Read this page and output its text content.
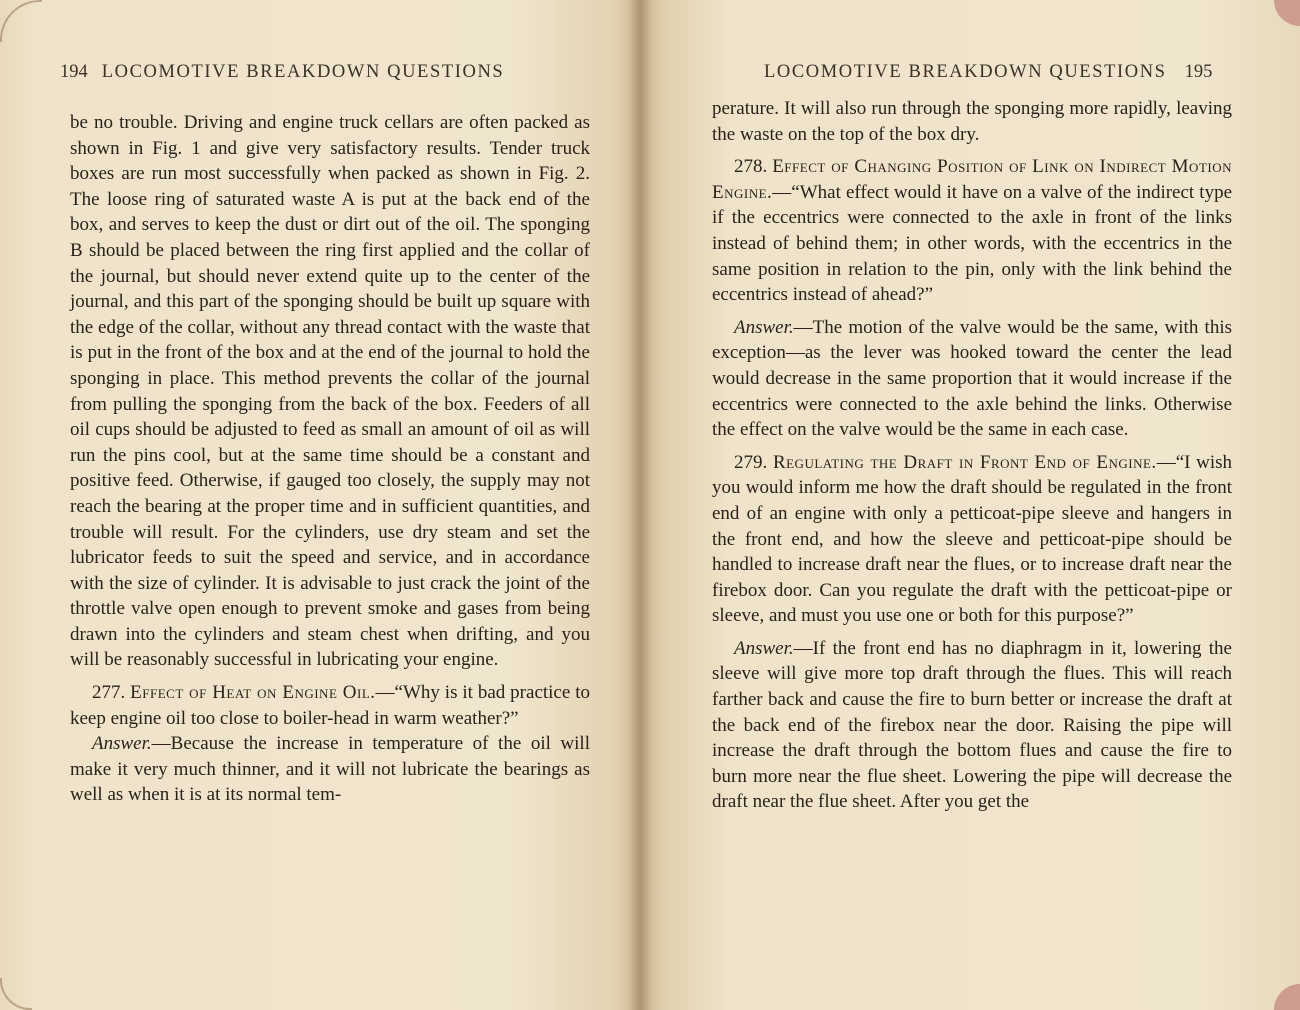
194 LOCOMOTIVE BREAKDOWN QUESTIONS

be no trouble. Driving and engine truck cellars are often packed as shown in Fig. 1 and give very satisfactory results. Tender truck boxes are run most successfully when packed as shown in Fig. 2. The loose ring of saturated waste A is put at the back end of the box, and serves to keep the dust or dirt out of the oil. The sponging B should be placed between the ring first applied and the collar of the journal, but should never extend quite up to the center of the journal, and this part of the sponging should be built up square with the edge of the collar, without any thread contact with the waste that is put in the front of the box and at the end of the journal to hold the sponging in place. This method prevents the collar of the journal from pulling the sponging from the back of the box. Feeders of all oil cups should be adjusted to feed as small an amount of oil as will run the pins cool, but at the same time should be a constant and positive feed. Otherwise, if gauged too closely, the supply may not reach the bearing at the proper time and in sufficient quantities, and trouble will result. For the cylinders, use dry steam and set the lubricator feeds to suit the speed and service, and in accordance with the size of cylinder. It is advisable to just crack the joint of the throttle valve open enough to prevent smoke and gases from being drawn into the cylinders and steam chest when drifting, and you will be reasonably successful in lubricating your engine.

277. Effect of Heat on Engine Oil.—“Why is it bad practice to keep engine oil too close to boiler-head in warm weather?”

Answer.—Because the increase in temperature of the oil will make it very much thinner, and it will not lubricate the bearings as well as when it is at its normal tem-

LOCOMOTIVE BREAKDOWN QUESTIONS 195

perature. It will also run through the sponging more rapidly, leaving the waste on the top of the box dry.

278. Effect of Changing Position of Link on Indirect Motion Engine.—“What effect would it have on a valve of the indirect type if the eccentrics were connected to the axle in front of the links instead of behind them; in other words, with the eccentrics in the same position in relation to the pin, only with the link behind the eccentrics instead of ahead?”

Answer.—The motion of the valve would be the same, with this exception—as the lever was hooked toward the center the lead would decrease in the same proportion that it would increase if the eccentrics were connected to the axle behind the links. Otherwise the effect on the valve would be the same in each case.

279. Regulating the Draft in Front End of Engine.—“I wish you would inform me how the draft should be regulated in the front end of an engine with only a petticoat-pipe sleeve and hangers in the front end, and how the sleeve and petticoat-pipe should be handled to increase draft near the flues, or to increase draft near the firebox door. Can you regulate the draft with the petticoat-pipe or sleeve, and must you use one or both for this purpose?”

Answer.—If the front end has no diaphragm in it, lowering the sleeve will give more top draft through the flues. This will reach farther back and cause the fire to burn better or increase the draft at the back end of the firebox near the door. Raising the pipe will increase the draft through the bottom flues and cause the fire to burn more near the flue sheet. Lowering the pipe will decrease the draft near the flue sheet. After you get the
